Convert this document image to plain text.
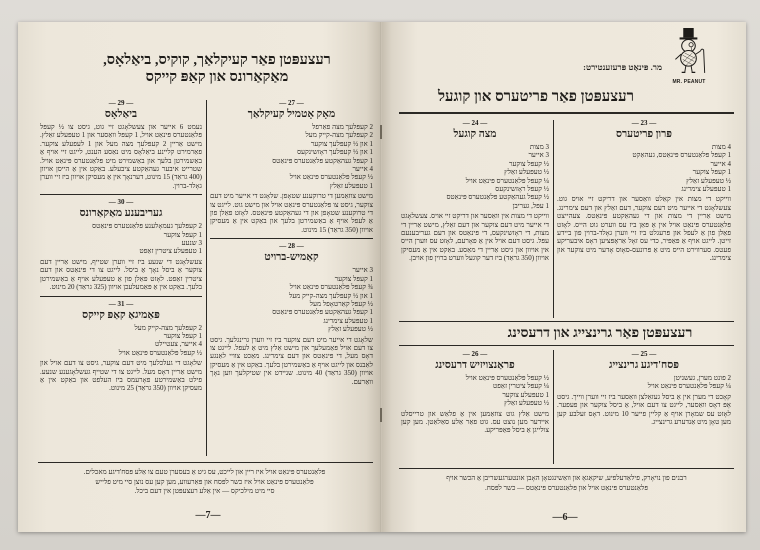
רעצעפּטן פאַר קעיקלאַך, קוקיס, ביאַלאָס,
מאַקאַרונס און קאַפּ קייקס
— 27 —
מאָק אָטמיל קעיקלאַך
2 קעפּלעך מצה פאַרפל
2 קעפּלעך מצה-קייק מעל
1 און ½ קעפּלעך צוקער
1 און ½ קעפּלעך ראָזשינקעס
1 קעפּל געהאַקטע פּלאַנטערס פּינאַטס
4 אייער
½ קעפּל פּלאַנטערס פּינאַט אויל
1 טעפּעלע זאַלץ

מישט צוזאַמען די טרוקענע שטאָפן. שלאָגט די אייער מיט דעם צוקער, גיסט צו פּלאַנטערס פּינאַט אויל און מישט גוט. לייגט צו די טרוקענע שטאָפן און די געהאַקטע פּינאַטס. לאָזט פאַלן פון אַ לעפל אויף אַ באַשמירטן בלעך און באַקט אין אַ מעסיקן אויוון (350 גראַד) 15 מינוט.

— 28 —
קאַמיש-ברויט
3 אייער
1 קעפּל צוקער
¾ קעפּל פּלאַנטערס פּינאַט אויל
1 און ½ קעפּלעך מצה-קייק מעל
½ קעפּל קאַרטאָפל מעל
1 קעפּל געהאַקטע פּלאַנטערס פּינאַטס
1 טעפּעלע צימרינג
½ טעפּעלע זאַלץ

שלאָגט די אייער מיט דעם צוקער ביז זיי ווערן גרינגלעך. גיסט צו דעם אויל פּאַמעלעך און מישט אַלץ מיט אַ לעפל. לייגט צו דאָס מעל, די פּינאַטס און דעם צימרינג. מאַכט צוויי לאַנגע לאַבנס און לייגט אויף אַ באַשמירטן בלעך. באַקט אין אַ מעסיקן אויוון (350 גראַד) 40 מינוט. שניידט אין שטיקלעך ווען נאָך וואַרעם.

— 29 —
ביאַלאָס

נעמט 6 אייער און צעשלאָגט זיי גוט, גיסט צו ½ קעפּל פּלאַנטערס פּינאַט אויל, 1 קעפּל וואַסער און 1 טעפּעלע זאַלץ. מישט אַריין 2 קעפּלעך מצה מעל און 1 לעפעלע צוקער. פאַרמירט קליינע ביאַלאָס מיט נאַסע הענט, לייגט זיי אויף אַ באַשמירטן בלעך און באַשמירט מיט פּלאַנטערס פּינאַט אויל. שטרייט איבער געהאַקטע ציבעלע. באַקט אין אַ הייסן אויוון (400 גראַד) 15 מינוט, דערנאָך אין אַ מעסיקן אויוון ביז זיי ווערן גאָלד-ברוין.

— 30 —
געריבענע מאַקאַרונס
2 קעפּלעך געמאָלענע פּלאַנטערס פּינאַטס
1 קעפּל צוקער
3 שנעע
1 טעפּעלע ציטרין זאַפט

צעשלאָגט די שנעע ביז זיי ווערן שטייף, מישט אַריין דעם צוקער אַ ביסל נאָך אַ ביסל. לייגט צו די פּינאַטס און דעם ציטרין זאַפט. לאָזט פאַלן פון אַ טעפּעלע אויף אַ באַשמירטן בלעך. באַקט אין אַ פּאַמעלעכן אויוון (325 גראַד) 20 מינוט.

— 31 —
פּאַמיגאַ קאַפּ קייקס
2 קעפּלעך מצה-קייק מעל
1 קעפּל צוקער
4 אייער, צעטיילט
½ קעפּל פּלאַנטערס פּינאַט אויל

שלאָגט די געלכלעך מיט דעם צוקער, גיסט צו דעם אויל און מישט אַריין דאָס מעל. לייגט צו די שטייף געשלאָגענע שנעע. פילט באַשמירטע פאָרעמס ביז העלפט און באַקט אין אַ מעסיקן אויוון (350 גראַד) 25 מינוט.

פּלאַנטערס פּינאַט אויל איז ריין און לייכט, עס גיט אַ בעסערן טעם צו אַלע פּסח'דיגע מאכלים.
פּלאַנטערס פּינאַט אויל איז כשר לפּסח און פּאַרעווע, מען קען עס נוצן סיי מיט פלייש
סיי מיט מילכיקס — אין אַלע רעצעפּטן אין דעם ביכל.
—7—
MR. PEANUT
מר. פּינאַט פּרעזענטירט:
רעצעפּטן פאַר פריטערס און קוגעל
— 23 —
פּרון פריטערס
4 מצות
1 קעפּל פּלאַנטערס פּינאַטס, געהאַקט
4 אייער
1 קעפּל צוקער
½ טעפּעלע זאַלץ
1 טעפּעלע צימרינג

ווייקט די מצות אין קאַלט וואַסער און דריקט זיי אויס גוט. צעשלאָגט די אייער מיט דעם צוקער, דעם זאַלץ און דעם צימרינג. מישט אַריין די מצות און די געהאַקטע פּינאַטס. צעהייצט פּלאַנטערס פּינאַט אויל אין אַ פּאַן ביז עס ווערט גוט הייס. לאָזט פאַלן פון אַ לעפל און פּרעגלט ביז זיי ווערן גאָלד-ברוין פון ביידע זייטן. לייגט אויף אַ פּאַפּיר, כדי עס זאָל אַראָפּציען דאָס איבעריקע פעטס. סערווירט הייס מיט אַ פּרונעס-סאָוס אָדער מיט צוקער און צימרינג.

— 24 —
מצה קוגעל
3 מצות
3 אייער
½ קעפּל צוקער
½ טעפּעלע זאַלץ
¼ קעפּל פּלאַנטערס פּינאַט אויל
½ קעפּל ראָזשינקעס
½ קעפּל געהאַקטע פּלאַנטערס פּינאַטס
1 עפּל, געריבן

ווייקט די מצות אין וואַסער און דריקט זיי אויס. צעשלאָגט די אייער מיט דעם צוקער און דעם זאַלץ, מישט אַריין די מצות, די ראָזשינקעס, די פּינאַטס און דעם געריבענעם עפּל. גיסט דעם אויל אין אַ פאָרעם, לאָזט עס ווערן הייס אין אויוון און גיסט אַריין די מאַסע. באַקט אין אַ מעסיקן אויוון (350 גראַד) ביז דער קוגעל ווערט ברוין פון אויבן.

רעצעפּטן פאַר גרינצייג און דרעסינג
— 25 —
פּסח'דיגע גרינצייג
2 פונט מערן, געשניטן
¼ קעפּל פּלאַנטערס פּינאַט אויל

קאָכט די מערן אין אַ ביסל געזאַלצן וואַסער ביז זיי ווערן ווייך. גיסט אָפּ דאָס וואַסער, לייגט צו דעם אויל, אַ ביסל צוקער און פעפער. לאָזט עס שמאָרן אויף אַ קליין פייער 10 מינוט. דאָס זעלבע קען מען טאָן מיט אַנדערע גרינצייג.

— 26 —
פראַנצויזיש דרעסינג
½ קעפּל פּלאַנטערס פּינאַט אויל
¼ קעפּל ציטרין זאַפט
1 טעפּעלע צוקער
½ טעפּעלע זאַלץ

מישט אַלץ גוט צוזאַמען אין אַ פלאַש און טרייסלט איידער מען נוצט עס. גוט פאַר אַלע סאַלאַטן. מען קען צולייגן אַ ביסל פּאַפּריקע.

רבנים פון נויאָרק, פילאַדעלפיע, שיקאַגאָ און וואַשינגטאָן האָבן אונטערגעשריבן אַ הכשר אויף
פּלאַנטערס פּינאַט אויל און פּלאַנטערס פּינאַטס — כשר לפּסח.
—6—
